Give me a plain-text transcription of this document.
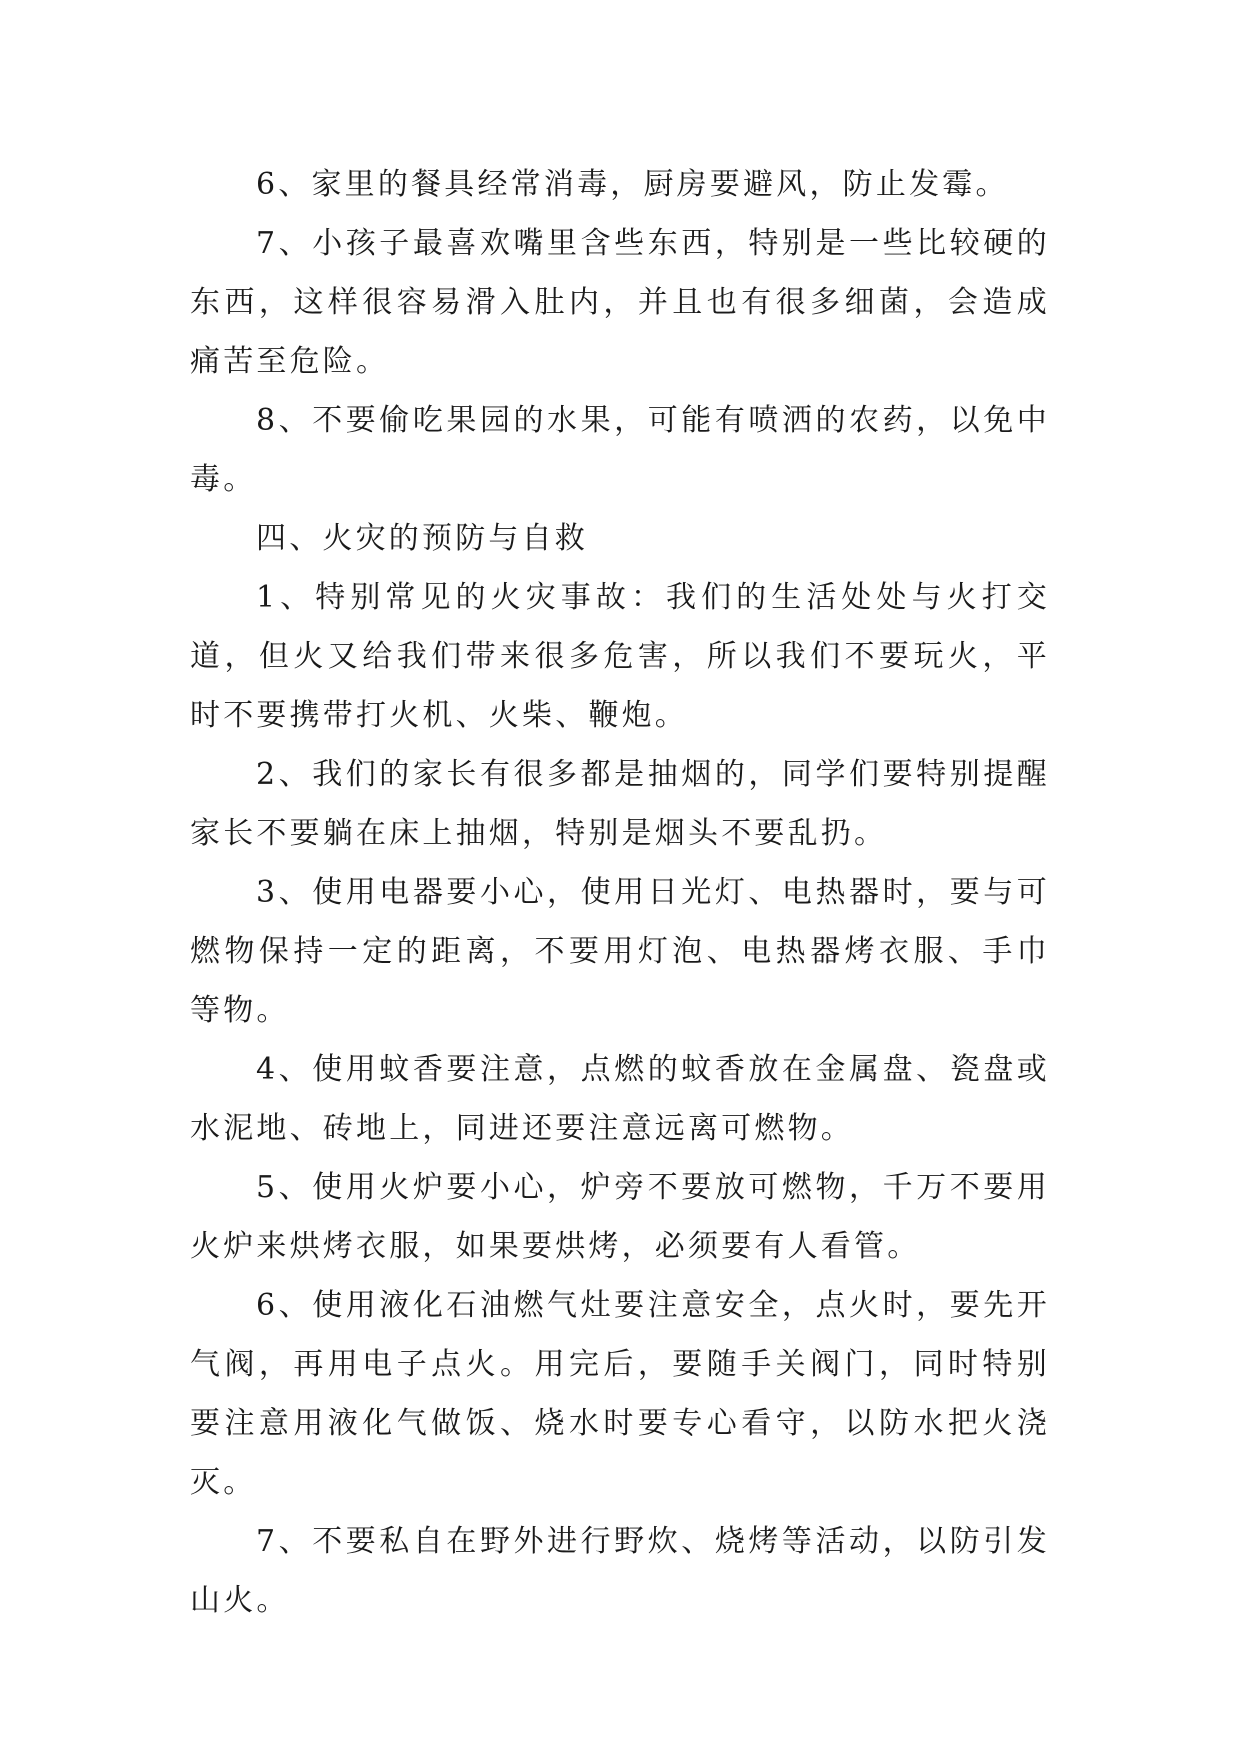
6、家里的餐具经常消毒，厨房要避风，防止发霉。

7、小孩子最喜欢嘴里含些东西，特别是一些比较硬的东西，这样很容易滑入肚内，并且也有很多细菌，会造成痛苦至危险。

8、不要偷吃果园的水果，可能有喷洒的农药，以免中毒。

四、火灾的预防与自救

1、特别常见的火灾事故：我们的生活处处与火打交道，但火又给我们带来很多危害，所以我们不要玩火，平时不要携带打火机、火柴、鞭炮。

2、我们的家长有很多都是抽烟的，同学们要特别提醒家长不要躺在床上抽烟，特别是烟头不要乱扔。

3、使用电器要小心，使用日光灯、电热器时，要与可燃物保持一定的距离，不要用灯泡、电热器烤衣服、手巾等物。

4、使用蚊香要注意，点燃的蚊香放在金属盘、瓷盘或水泥地、砖地上，同进还要注意远离可燃物。

5、使用火炉要小心，炉旁不要放可燃物，千万不要用火炉来烘烤衣服，如果要烘烤，必须要有人看管。

6、使用液化石油燃气灶要注意安全，点火时，要先开气阀，再用电子点火。用完后，要随手关阀门，同时特别要注意用液化气做饭、烧水时要专心看守，以防水把火浇灭。

7、不要私自在野外进行野炊、烧烤等活动，以防引发山火。
